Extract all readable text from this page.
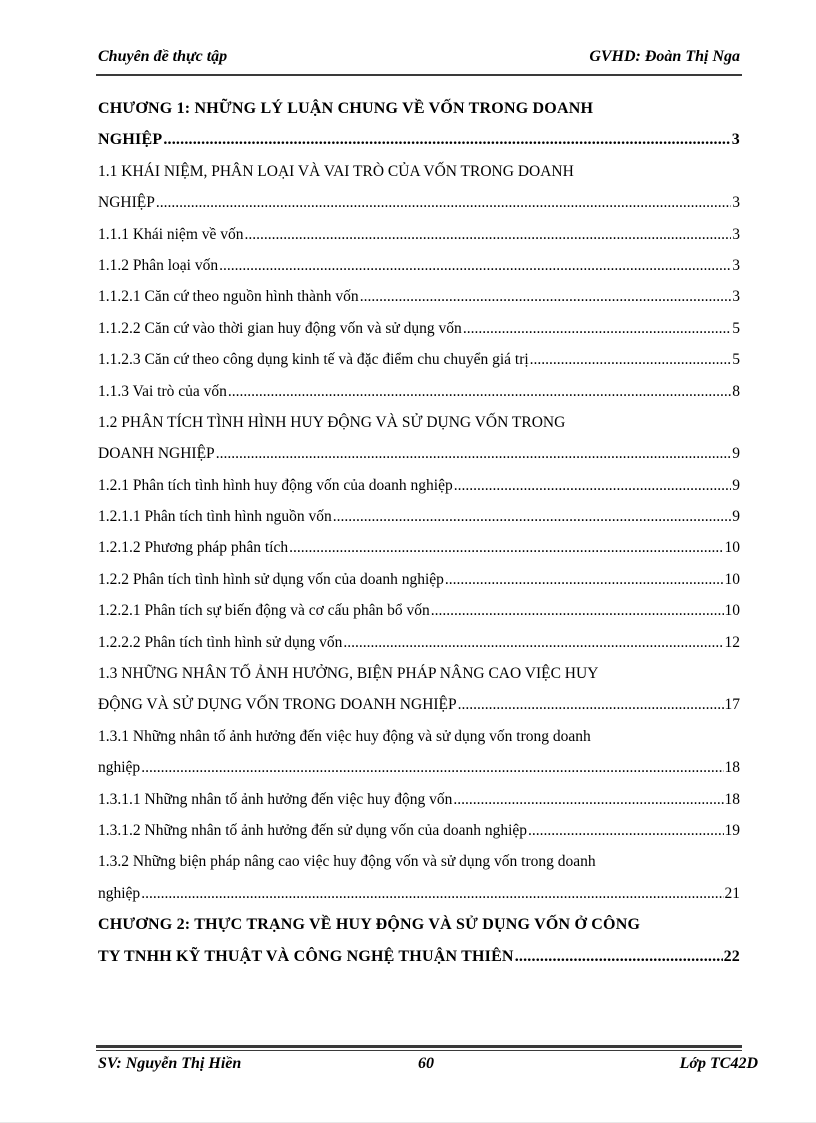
Chuyên đề thực tập	GVHD: Đoàn Thị Nga
CHƯƠNG 1: NHỮNG LÝ LUẬN CHUNG VỀ VỐN TRONG DOANH
NGHIỆP .....	3
1.1 KHÁI NIỆM, PHÂN LOẠI VÀ VAI TRÒ CỦA VỐN TRONG DOANH
NGHIỆP .....	3
1.1.1 Khái niệm về vốn .....	3
1.1.2 Phân loại vốn .....	3
1.1.2.1 Căn cứ theo nguồn hình thành vốn .....	3
1.1.2.2 Căn cứ vào thời gian huy động vốn và sử dụng vốn .....	5
1.1.2.3 Căn cứ theo công dụng kinh tế và đặc điểm chu chuyển giá trị .....	5
1.1.3 Vai trò của vốn .....	8
1.2 PHÂN TÍCH TÌNH HÌNH HUY ĐỘNG VÀ SỬ DỤNG VỐN TRONG
DOANH NGHIỆP .....	9
1.2.1 Phân tích tình hình huy động vốn của doanh nghiệp .....	9
1.2.1.1 Phân tích tình hình nguồn vốn .....	9
1.2.1.2 Phương pháp phân tích .....	10
1.2.2 Phân tích tình hình sử dụng vốn của doanh nghiệp .....	10
1.2.2.1 Phân tích sự biến động và cơ cấu phân bổ vốn .....	10
1.2.2.2 Phân tích tình hình sử dụng vốn .....	12
1.3 NHỮNG NHÂN TỐ ẢNH HƯỞNG, BIỆN PHÁP NÂNG CAO VIỆC HUY
ĐỘNG VÀ SỬ DỤNG VỐN TRONG DOANH NGHIỆP .....	17
1.3.1 Những nhân tố ảnh hưởng đến việc huy động và sử dụng vốn trong doanh
nghiệp .....	18
1.3.1.1 Những nhân tố ảnh hưởng đến việc huy động vốn .....	18
1.3.1.2 Những nhân tố ảnh hưởng đến sử dụng vốn của doanh nghiệp .....	19
1.3.2 Những biện pháp nâng cao việc huy động vốn và sử dụng vốn trong doanh
nghiệp .....	21
CHƯƠNG 2: THỰC TRẠNG VỀ HUY ĐỘNG VÀ SỬ DỤNG VỐN Ở CÔNG
TY TNHH KỸ THUẬT VÀ CÔNG NGHỆ THUẬN THIÊN .....	22
SV: Nguyễn Thị Hiền	60	Lớp TC42D
